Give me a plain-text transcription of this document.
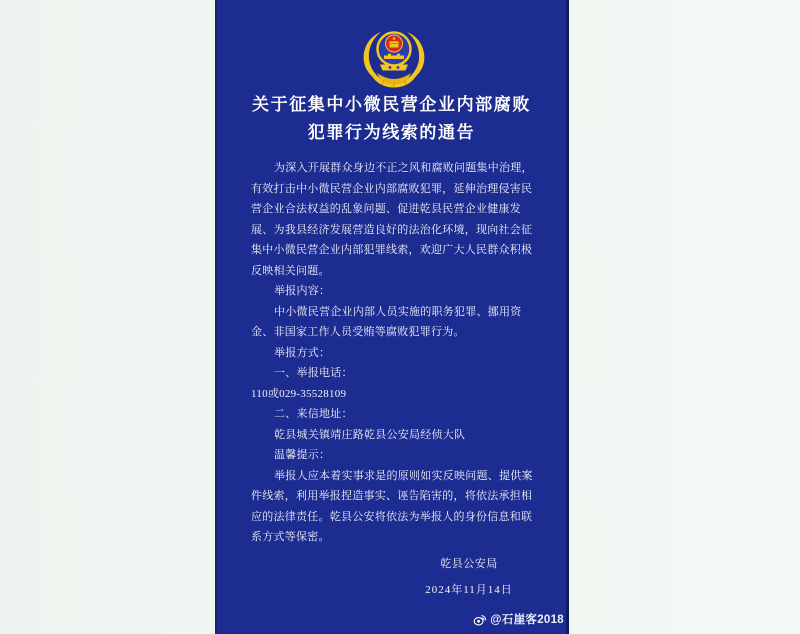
关于征集中小微民营企业内部腐败
犯罪行为线索的通告
为深入开展群众身边不正之风和腐败问题集中治理，
有效打击中小微民营企业内部腐败犯罪，延伸治理侵害民
营企业合法权益的乱象问题、促进乾县民营企业健康发
展、为我县经济发展营造良好的法治化环境，现向社会征
集中小微民营企业内部犯罪线索，欢迎广大人民群众积极
反映相关问题。
举报内容：
中小微民营企业内部人员实施的职务犯罪、挪用资
金、非国家工作人员受贿等腐败犯罪行为。
举报方式：
一、举报电话：
110或029-35528109
二、来信地址：
乾县城关镇靖庄路乾县公安局经侦大队
温馨提示：
举报人应本着实事求是的原则如实反映问题、提供案
件线索，利用举报捏造事实、诬告陷害的，将依法承担相
应的法律责任。乾县公安将依法为举报人的身份信息和联
系方式等保密。
乾县公安局
2024年11月14日
@石崖客2018
